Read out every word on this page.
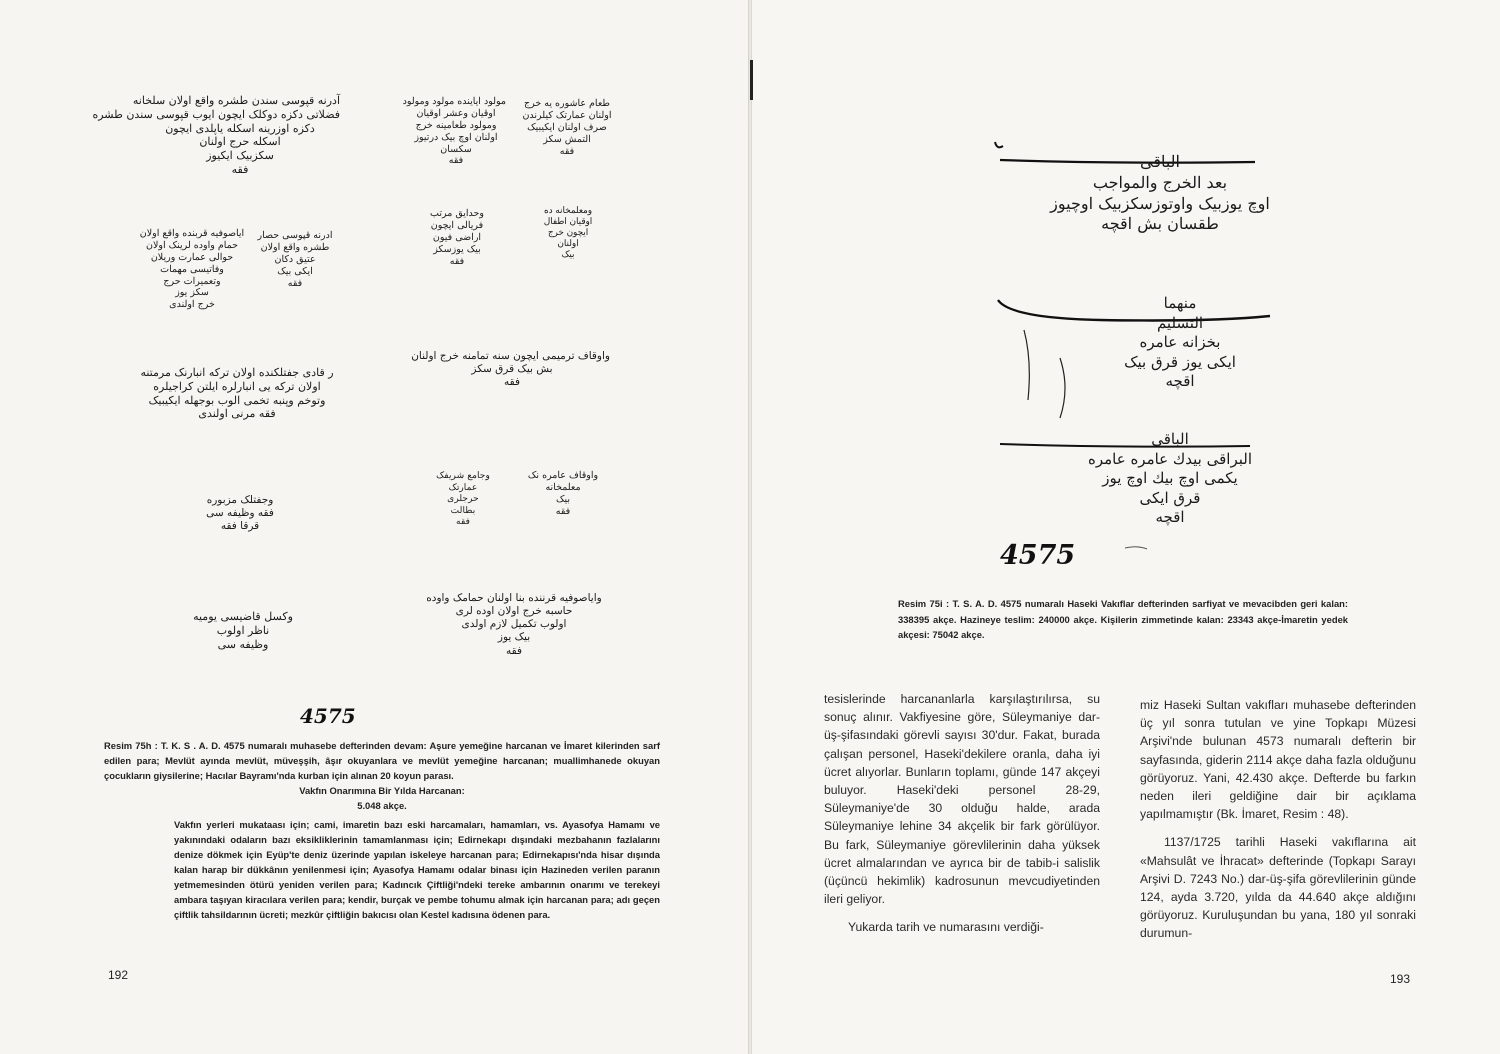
آدرنه قپوسی سندن طشره واقع اولان سلخانه
فضلاتی دکزه دوکلک ایچون ایوب قپوسی سندن طشره
دکزه اوزرینه اسکله یاپلدی ایچون
اسکله حرج اولنان
سکزبیک ایکیوز
فقه
مولود ایاینده مولود ومولود
اوقیان وعشر اوقیان
ومولود طعامینه خرج
اولنان اوچ بیک درتیوز
سکسان
فقه
طعام عاشوره یه خرج
اولنان عمارتک کیلرندن
صرف اولنان ایکیبیک
التمش سکز
فقه
ایاصوفیه قربنده واقع اولان
حمام واوده لرینک اولان
حوالی عمارت وریلان
وفاتیسی مهمات
وتعمیرات حرج
سکز یوز
خرج اولندی
ادرنه قپوسی حصار
طشره واقع اولان
عتیق دکان
ایکی بیک
فقه
وحدایق مرتب
فریالی ایچون
اراضی فیون
بیک یوزسکز
فقه
ومعلمخانه ده
اوقیان اطفال
ایچون خرج
اولنان
بیک
ر قادی جفتلکنده اولان ترکه انبارنک مرمتنه
اولان ترکه یی انبارلره ایلتن کراجیلره
وتوخم وپنبه تخمی الوب بوجهله ایکیبیک
فقه مرنی اولندی
واوقاف ترمیمی ایچون سنه تمامنه خرج اولنان
بش بیک قرق سکز
فقه
وجفتلک مزبوره
فقه وظیفه سی
قرقا فقه
وجامع شریفک
عمارتک
حرجلری
بطالت
فقه
واوقاف عامره نک
معلمخانه
بیک
فقه
وکسل قاضیسی یومیه
ناظر اولوب
وظیفه سی
وایاصوفیه قرننده بنا اولنان حمامک واوده
حاسبه خرج اولان اوده لری
اولوب تکمیل لازم اولدی
بیک یوز
فقه
4575
Resim 75h : T. K. S . A. D. 4575 numaralı muhasebe defterinden devam: Aşure yemeğine harcanan ve İmaret kilerinden sarf edilen para; Mevlüt ayında mevlüt, müveşşih, âşır okuyanlara ve mevlüt yemeğine harcanan; muallimhanede okuyan çocukların giysilerine; Hacılar Bayramı'nda kurban için alınan 20 koyun parası.
Vakfın Onarımına Bir Yılda Harcanan:
5.048 akçe.
Vakfın yerleri mukataası için; cami, imaretin bazı eski harcamaları, hamamları, vs. Ayasofya Hamamı ve yakınındaki odaların bazı eksikliklerinin tamamlanması için; Edirnekapı dışındaki mezbahanın fazlalarını denize dökmek için Eyüp'te deniz üzerinde yapılan iskeleye harcanan para; Edirnekapısı'nda hisar dışında kalan harap bir dükkânın yenilenmesi için; Ayasofya Hamamı odalar binası için Hazineden verilen paranın yetmemesinden ötürü yeniden verilen para; Kadıncık Çiftliği'ndeki tereke ambarının onarımı ve terekeyi ambara taşıyan kiracılara verilen para; kendir, burçak ve pembe tohumu almak için harcanan para; adı geçen çiftlik tahsildarının ücreti; mezkûr çiftliğin bakıcısı olan Kestel kadısına ödenen para.
192
الباقی
بعد الخرج والمواجب
اوچ یوزبیک واوتوزسکزبیک اوچیوز
طقسان بش اقچه
منهما
التسلیم
بخزانه عامره
ایکی یوز قرق بیک
اقچه
الباقی
البراقی بیدك عامره عامره
یکمی اوچ بیك اوچ یوز
قرق ایکی
اقچه
4575
Resim 75i : T. S. A. D. 4575 numaralı Haseki Vakıflar defterinden sarfiyat ve mevacibden geri kalan: 338395 akçe. Hazineye teslim: 240000 akçe. Kişilerin zimmetinde kalan: 23343 akçe-İmaretin yedek akçesi: 75042 akçe.

tesislerinde harcananlarla karşılaştırılırsa, su sonuç alınır. Vakfiyesine göre, Süleymaniye dar-üş-şifasındaki görevli sayısı 30'dur. Fakat, burada çalışan personel, Haseki'dekilere oranla, daha iyi ücret alıyorlar. Bunların toplamı, günde 147 akçeyi buluyor. Haseki'deki personel 28-29, Süleymaniye'de 30 olduğu halde, arada Süleymaniye lehine 34 akçelik bir fark görülüyor. Bu fark, Süleymaniye görevlilerinin daha yüksek ücret almalarından ve ayrıca bir de tabib-i salislik (üçüncü hekimlik) kadrosunun mevcudiyetinden ileri geliyor.

Yukarda tarih ve numarasını verdiği-

miz Haseki Sultan vakıfları muhasebe defterinden üç yıl sonra tutulan ve yine Topkapı Müzesi Arşivi'nde bulunan 4573 numaralı defterin bir sayfasında, giderin 2114 akçe daha fazla olduğunu görüyoruz. Yani, 42.430 akçe. Defterde bu farkın neden ileri geldiğine dair bir açıklama yapılmamıştır (Bk. İmaret, Resim : 48).

1137/1725 tarihli Haseki vakıflarına ait «Mahsulât ve İhracat» defterinde (Topkapı Sarayı Arşivi D. 7243 No.) dar-üş-şifa görevlilerinin günde 124, ayda 3.720, yılda da 44.640 akçe aldığını görüyoruz. Kuruluşundan bu yana, 180 yıl sonraki durumun-

193
